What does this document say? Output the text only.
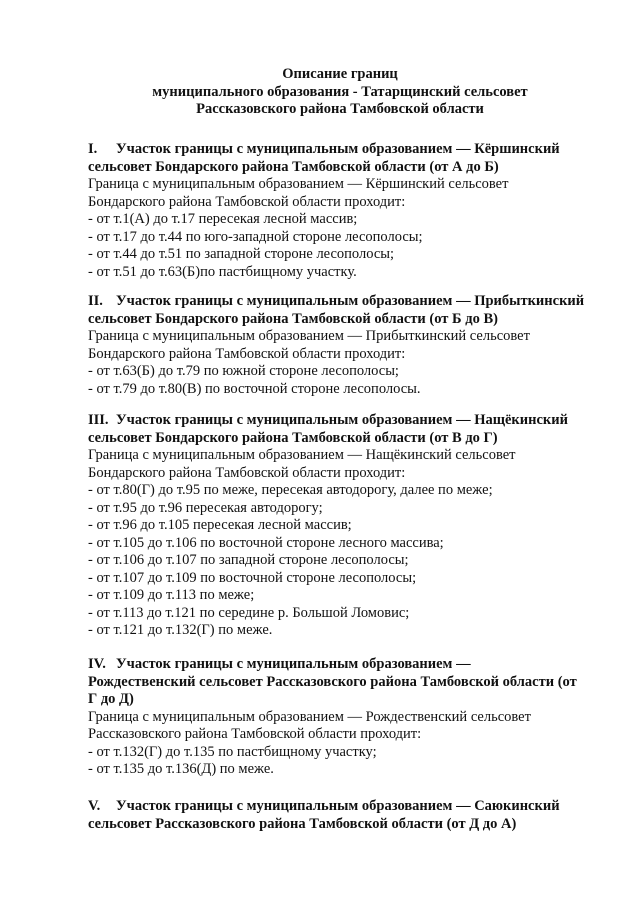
Описание границ
муниципального образования - Татарщинский сельсовет
Рассказовского района Тамбовской области
I. Участок границы с муниципальным образованием — Кёршинский
сельсовет Бондарского района Тамбовской области (от А до Б)
Граница с муниципальным образованием — Кёршинский сельсовет
Бондарского района Тамбовской области проходит:
- от т.1(А) до т.17 пересекая лесной массив;
- от т.17 до т.44 по юго-западной стороне лесополосы;
- от т.44 до т.51 по западной стороне лесополосы;
- от т.51 до т.63(Б)по пастбищному участку.
II. Участок границы с муниципальным образованием — Прибыткинский
сельсовет Бондарского района Тамбовской области (от Б до В)
Граница с муниципальным образованием — Прибыткинский сельсовет
Бондарского района Тамбовской области проходит:
- от т.63(Б) до т.79 по южной стороне лесополосы;
- от т.79 до т.80(В) по восточной стороне лесополосы.
III. Участок границы с муниципальным образованием — Нащёкинский
сельсовет Бондарского района Тамбовской области (от В до Г)
Граница с муниципальным образованием — Нащёкинский сельсовет
Бондарского района Тамбовской области проходит:
- от т.80(Г) до т.95 по меже, пересекая автодорогу, далее по меже;
- от т.95 до т.96 пересекая автодорогу;
- от т.96 до т.105 пересекая лесной массив;
- от т.105 до т.106 по восточной стороне лесного массива;
- от т.106 до т.107 по западной стороне лесополосы;
- от т.107 до т.109 по восточной стороне лесополосы;
- от т.109 до т.113 по меже;
- от т.113 до т.121 по середине р. Большой Ломовис;
- от т.121 до т.132(Г) по меже.
IV. Участок границы с муниципальным образованием —
Рождественский сельсовет Рассказовского района Тамбовской области (от
Г до Д)
Граница с муниципальным образованием — Рождественский сельсовет
Рассказовского района Тамбовской области проходит:
- от т.132(Г) до т.135 по пастбищному участку;
- от т.135 до т.136(Д) по меже.
V. Участок границы с муниципальным образованием — Саюкинский
сельсовет Рассказовского района Тамбовской области (от Д до А)
